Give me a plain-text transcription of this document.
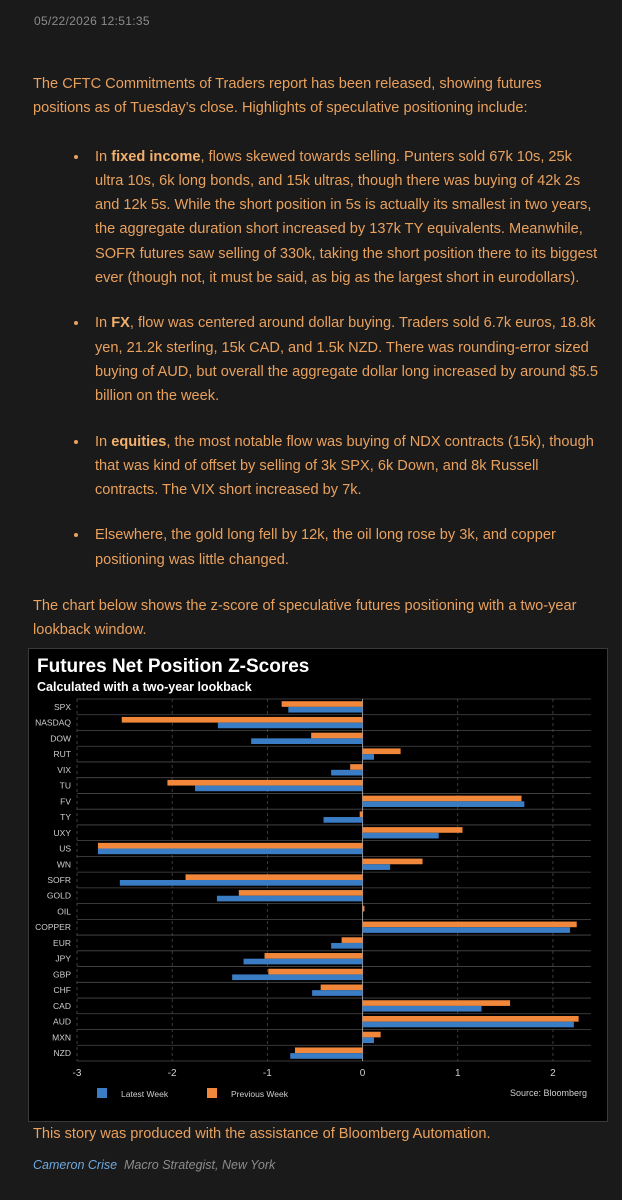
05/22/2026 12:51:35

The CFTC Commitments of Traders report has been released, showing futures positions as of Tuesday’s close. Highlights of speculative positioning include:

In fixed income, flows skewed towards selling. Punters sold 67k 10s, 25k ultra 10s, 6k long bonds, and 15k ultras, though there was buying of 42k 2s and 12k 5s. While the short position in 5s is actually its smallest in two years, the aggregate duration short increased by 137k TY equivalents. Meanwhile, SOFR futures saw selling of 330k, taking the short position there to its biggest ever (though not, it must be said, as big as the largest short in eurodollars).
In FX, flow was centered around dollar buying. Traders sold 6.7k euros, 18.8k yen, 21.2k sterling, 15k CAD, and 1.5k NZD. There was rounding-error sized buying of AUD, but overall the aggregate dollar long increased by around $5.5 billion on the week.
In equities, the most notable flow was buying of NDX contracts (15k), though that was kind of offset by selling of 3k SPX, 6k Down, and 8k Russell contracts. The VIX short increased by 7k.
Elsewhere, the gold long fell by 12k, the oil long rose by 3k, and copper positioning was little changed.

The chart below shows the z-score of speculative futures positioning with a two-year lookback window.

Futures Net Position Z-Scores
Calculated with a two-year lookback
-3	-2	-1	0	1	2
SPX
NASDAQ
DOW
RUT
VIX
TU
FV
TY
UXY
US
WN
SOFR
GOLD
OIL
COPPER
EUR
JPY
GBP
CHF
CAD
AUD
MXN
NZD
Latest Week	Previous Week	Source: Bloomberg
This story was produced with the assistance of Bloomberg Automation.
Cameron Crise Macro Strategist, New York
